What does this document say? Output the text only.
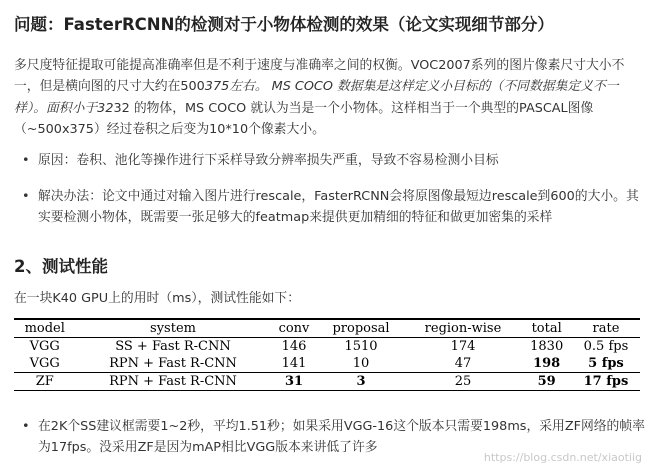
问题：FasterRCNN的检测对于小物体检测的效果（论文实现细节部分）

多尺度特征提取可能提高准确率但是不利于速度与准确率之间的权衡。VOC2007系列的图片像素尺寸大小不一，但是横向图的尺寸大约在500375左右。 MS COCO 数据集是这样定义小目标的（不同数据集定义不一样）。面积小于3232 的物体，MS COCO 就认为当是一个小物体。这样相当于一个典型的PASCAL图像（~500x375）经过卷积之后变为10*10个像素大小。

• 原因：卷积、池化等操作进行下采样导致分辨率损失严重，导致不容易检测小目标

• 解决办法：论文中通过对输入图片进行rescale，FasterRCNN会将原图像最短边rescale到600的大小。其实要检测小物体，既需要一张足够大的featmap来提供更加精细的特征和做更加密集的采样

2、测试性能

在一块K40 GPU上的用时（ms），测试性能如下：

model	system	conv	proposal	region-wise	total	rate
VGG	SS + Fast R-CNN	146	1510	174	1830	0.5 fps
VGG	RPN + Fast R-CNN	141	10	47	198	5 fps
ZF	RPN + Fast R-CNN	31	3	25	59	17 fps

• 在2K个SS建议框需要1~2秒，平均1.51秒；如果采用VGG-16这个版本只需要198ms，采用ZF网络的帧率为17fps。没采用ZF是因为mAP相比VGG版本来讲低了许多

https://blog.csdn.net/xiaotiig
